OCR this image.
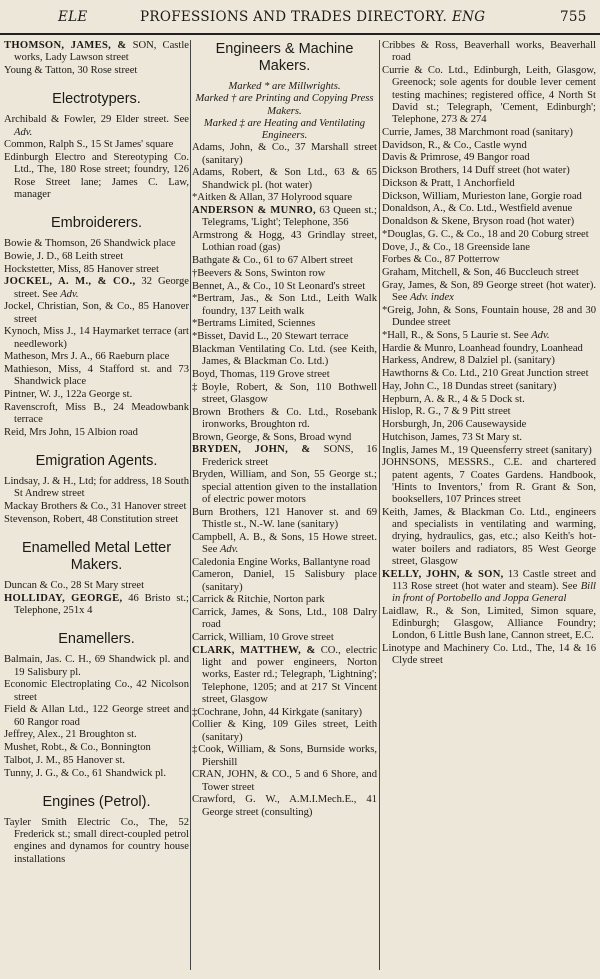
ELE	PROFESSIONS AND TRADES DIRECTORY. ENG	755

THOMSON, JAMES, & SON, Castle works, Lady Lawson street

Young & Tatton, 30 Rose street

Electrotypers.

Archibald & Fowler, 29 Elder street. See Adv.

Common, Ralph S., 15 St James' square

Edinburgh Electro and Stereotyping Co. Ltd., The, 180 Rose street; foundry, 126 Rose Street lane; James C. Law, manager

Embroiderers.

Bowie & Thomson, 26 Shandwick place

Bowie, J. D., 68 Leith street

Hockstetter, Miss, 85 Hanover street

JOCKEL, A. M., & CO., 32 George street. See Adv.

Jockel, Christian, Son, & Co., 85 Hanover street

Kynoch, Miss J., 14 Haymarket terrace (art needlework)

Matheson, Mrs J. A., 66 Raeburn place

Mathieson, Miss, 4 Stafford st. and 73 Shandwick place

Pintner, W. J., 122a George st.

Ravenscroft, Miss B., 24 Meadowbank terrace

Reid, Mrs John, 15 Albion road

Emigration Agents.

Lindsay, J. & H., Ltd; for address, 18 South St Andrew street

Mackay Brothers & Co., 31 Hanover street

Stevenson, Robert, 48 Constitution street

Enamelled Metal Letter Makers.

Duncan & Co., 28 St Mary street

HOLLIDAY, GEORGE, 46 Bristo st.; Telephone, 251x 4

Enamellers.

Balmain, Jas. C. H., 69 Shandwick pl. and 19 Salisbury pl.

Economic Electroplating Co., 42 Nicolson street

Field & Allan Ltd., 122 George street and 60 Rangor road

Jeffrey, Alex., 21 Broughton st.

Mushet, Robt., & Co., Bonnington

Talbot, J. M., 85 Hanover st.

Tunny, J. G., & Co., 61 Shandwick pl.

Engines (Petrol).

Tayler Smith Electric Co., The, 52 Frederick st.; small direct-coupled petrol engines and dynamos for country house installations

Engineers & Machine Makers.

Marked * are Millwrights.

Marked † are Printing and Copying Press Makers.

Marked ‡ are Heating and Ventilating Engineers.

Adams, John, & Co., 37 Marshall street (sanitary)

Adams, Robert, & Son Ltd., 63 & 65 Shandwick pl. (hot water)

*Aitken & Allan, 37 Holyrood square

ANDERSON & MUNRO, 63 Queen st.; Telegrams, 'Light'; Telephone, 356

Armstrong & Hogg, 43 Grindlay street, Lothian road (gas)

Bathgate & Co., 61 to 67 Albert street

†Beevers & Sons, Swinton row

Bennet, A., & Co., 10 St Leonard's street

*Bertram, Jas., & Son Ltd., Leith Walk foundry, 137 Leith walk

*Bertrams Limited, Sciennes

*Bisset, David L., 20 Stewart terrace

Blackman Ventilating Co. Ltd. (see Keith, James, & Blackman Co. Ltd.)

Boyd, Thomas, 119 Grove street

‡Boyle, Robert, & Son, 110 Bothwell street, Glasgow

Brown Brothers & Co. Ltd., Rosebank ironworks, Broughton rd.

Brown, George, & Sons, Broad wynd

BRYDEN, JOHN, & SONS, 16 Frederick street

Bryden, William, and Son, 55 George st.; special attention given to the installation of electric power motors

Burn Brothers, 121 Hanover st. and 69 Thistle st., N.-W. lane (sanitary)

Campbell, A. B., & Sons, 15 Howe street. See Adv.

Caledonia Engine Works, Ballantyne road

Cameron, Daniel, 15 Salisbury place (sanitary)

Carrick & Ritchie, Norton park

Carrick, James, & Sons, Ltd., 108 Dalry road

Carrick, William, 10 Grove street

CLARK, MATTHEW, & CO., electric light and power engineers, Norton works, Easter rd.; Telegraph, 'Lightning'; Telephone, 1205; and at 217 St Vincent street, Glasgow

‡Cochrane, John, 44 Kirkgate (sanitary)

Collier & King, 109 Giles street, Leith (sanitary)

‡Cook, William, & Sons, Burnside works, Piershill

CRAN, JOHN, & CO., 5 and 6 Shore, and Tower street

Crawford, G. W., A.M.I.Mech.E., 41 George street (consulting)

Cribbes & Ross, Beaverhall works, Beaverhall road

Currie & Co. Ltd., Edinburgh, Leith, Glasgow, Greenock; sole agents for double lever cement testing machines; registered office, 4 North St David st.; Telegraph, 'Cement, Edinburgh'; Telephone, 273 & 274

Currie, James, 38 Marchmont road (sanitary)

Davidson, R., & Co., Castle wynd

Davis & Primrose, 49 Bangor road

Dickson Brothers, 14 Duff street (hot water)

Dickson & Pratt, 1 Anchorfield

Dickson, William, Murieston lane, Gorgie road

Donaldson, A., & Co. Ltd., Westfield avenue

Donaldson & Skene, Bryson road (hot water)

*Douglas, G. C., & Co., 18 and 20 Coburg street

Dove, J., & Co., 18 Greenside lane

Forbes & Co., 87 Potterrow

Graham, Mitchell, & Son, 46 Buccleuch street

Gray, James, & Son, 89 George street (hot water). See Adv. index

*Greig, John, & Sons, Fountain house, 28 and 30 Dundee street

*Hall, R., & Sons, 5 Laurie st. See Adv.

Hardie & Munro, Loanhead foundry, Loanhead

Harkess, Andrew, 8 Dalziel pl. (sanitary)

Hawthorns & Co. Ltd., 210 Great Junction street

Hay, John C., 18 Dundas street (sanitary)

Hepburn, A. & R., 4 & 5 Dock st.

Hislop, R. G., 7 & 9 Pitt street

Horsburgh, Jn, 206 Causewayside

Hutchison, James, 73 St Mary st.

Inglis, James M., 19 Queensferry street (sanitary)

JOHNSONS, MESSRS., C.E. and chartered patent agents, 7 Coates Gardens. Handbook, 'Hints to Inventors,' from R. Grant & Son, booksellers, 107 Princes street

Keith, James, & Blackman Co. Ltd., engineers and specialists in ventilating and warming, drying, hydraulics, gas, etc.; also Keith's hot-water boilers and radiators, 85 West George street, Glasgow

KELLY, JOHN, & SON, 13 Castle street and 113 Rose street (hot water and steam). See Bill in front of Portobello and Joppa General

Laidlaw, R., & Son, Limited, Simon square, Edinburgh; Glasgow, Alliance Foundry; London, 6 Little Bush lane, Cannon street, E.C.

Linotype and Machinery Co. Ltd., The, 14 & 16 Clyde street
